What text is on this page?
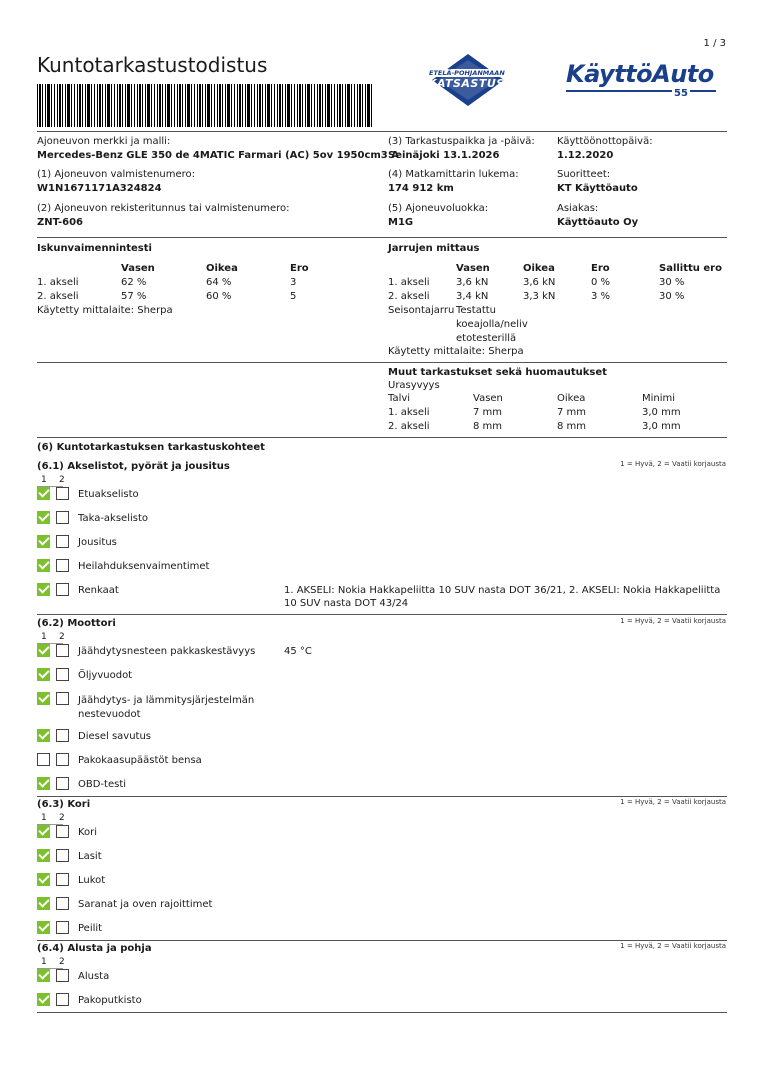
1 / 3
Kuntotarkastustodistus	ETELÄ-POHJANMAAN
KATSASTUS	KäyttöAuto
55
Ajoneuvon merkki ja malli:
Mercedes-Benz GLE 350 de 4MATIC Farmari (AC) 5ov 1950cm3 A
(1) Ajoneuvon valmistenumero:
W1N1671171A324824
(2) Ajoneuvon rekisteritunnus tai valmistenumero:
ZNT-606
(3) Tarkastuspaikka ja -päivä:
Seinäjoki 13.1.2026
(4) Matkamittarin lukema:
174 912 km
(5) Ajoneuvoluokka:
M1G
Käyttöönottopäivä:
1.12.2020
Suoritteet:
KT Käyttöauto
Asiakas:
Käyttöauto Oy
Iskunvaimennintesti
Vasen	Oikea	Ero
1. akseli	62 %	64 %	3
2. akseli	57 %	60 %	5
Käytetty mittalaite: Sherpa
Jarrujen mittaus
Vasen	Oikea	Ero	Sallittu ero
1. akseli	3,6 kN	3,6 kN	0 %	30 %
2. akseli	3,4 kN	3,3 kN	3 %	30 %
Seisontajarru Testattu
koeajolla/neliv
etotesterillä
Käytetty mittalaite: Sherpa
Muut tarkastukset sekä huomautukset
Urasyvyys
Talvi	Vasen	Oikea	Minimi
1. akseli	7 mm	7 mm	3,0 mm
2. akseli	8 mm	8 mm	3,0 mm
(6) Kuntotarkastuksen tarkastuskohteet
(6.1) Akselistot, pyörät ja jousitus	1 = Hyvä, 2 = Vaatii korjausta
1 2
Etuakselisto
Taka-akselisto
Jousitus
Heilahduksenvaimentimet
Renkaat	1. AKSELI: Nokia Hakkapeliitta 10 SUV nasta DOT 36/21, 2. AKSELI: Nokia Hakkapeliitta 10 SUV nasta DOT 43/24
(6.2) Moottori	1 = Hyvä, 2 = Vaatii korjausta
1 2
Jäähdytysnesteen pakkaskestävyys	45 °C
Öljyvuodot
Jäähdytys- ja lämmitysjärjestelmän nestevuodot
Diesel savutus
Pakokaasupäästöt bensa
OBD-testi
(6.3) Kori	1 = Hyvä, 2 = Vaatii korjausta
1 2
Kori
Lasit
Lukot
Saranat ja oven rajoittimet
Peilit
(6.4) Alusta ja pohja	1 = Hyvä, 2 = Vaatii korjausta
1 2
Alusta
Pakoputkisto
